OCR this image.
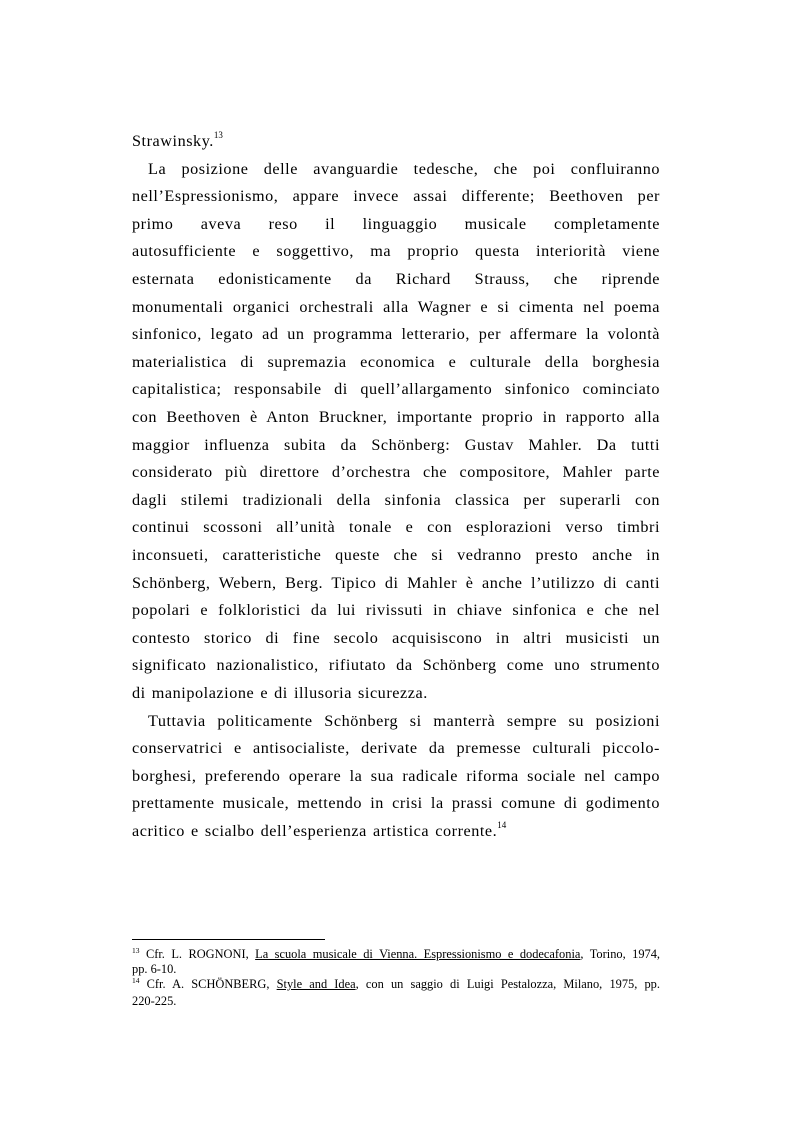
Strawinsky.$^{13}$
La posizione delle avanguardie tedesche, che poi confluiranno
nell’Espressionismo, appare invece assai differente; Beethoven per
primo aveva reso il linguaggio musicale completamente
autosufficiente e soggettivo, ma proprio questa interiorità viene
esternata edonisticamente da Richard Strauss, che riprende
monumentali organici orchestrali alla Wagner e si cimenta nel poema
sinfonico, legato ad un programma letterario, per affermare la volontà
materialistica di supremazia economica e culturale della borghesia
capitalistica; responsabile di quell’allargamento sinfonico cominciato
con Beethoven è Anton Bruckner, importante proprio in rapporto alla
maggior influenza subita da Schönberg: Gustav Mahler. Da tutti
considerato più direttore d’orchestra che compositore, Mahler parte
dagli stilemi tradizionali della sinfonia classica per superarli con
continui scossoni all’unità tonale e con esplorazioni verso timbri
inconsueti, caratteristiche queste che si vedranno presto anche in
Schönberg, Webern, Berg. Tipico di Mahler è anche l’utilizzo di canti
popolari e folkloristici da lui rivissuti in chiave sinfonica e che nel
contesto storico di fine secolo acquisiscono in altri musicisti un
significato nazionalistico, rifiutato da Schönberg come uno strumento
di manipolazione e di illusoria sicurezza.
Tuttavia politicamente Schönberg si manterrà sempre su posizioni
conservatrici e antisocialiste, derivate da premesse culturali piccolo-
borghesi, preferendo operare la sua radicale riforma sociale nel campo
prettamente musicale, mettendo in crisi la prassi comune di godimento
acritico e scialbo dell’esperienza artistica corrente.$^{14}$
$^{13}$ Cfr. L. ROGNONI, La scuola musicale di Vienna. Espressionismo e dodecafonia, Torino, 1974,
pp. 6-10.
$^{14}$ Cfr. A. SCHÖNBERG, Style and Idea, con un saggio di Luigi Pestalozza, Milano, 1975, pp.
220-225.
